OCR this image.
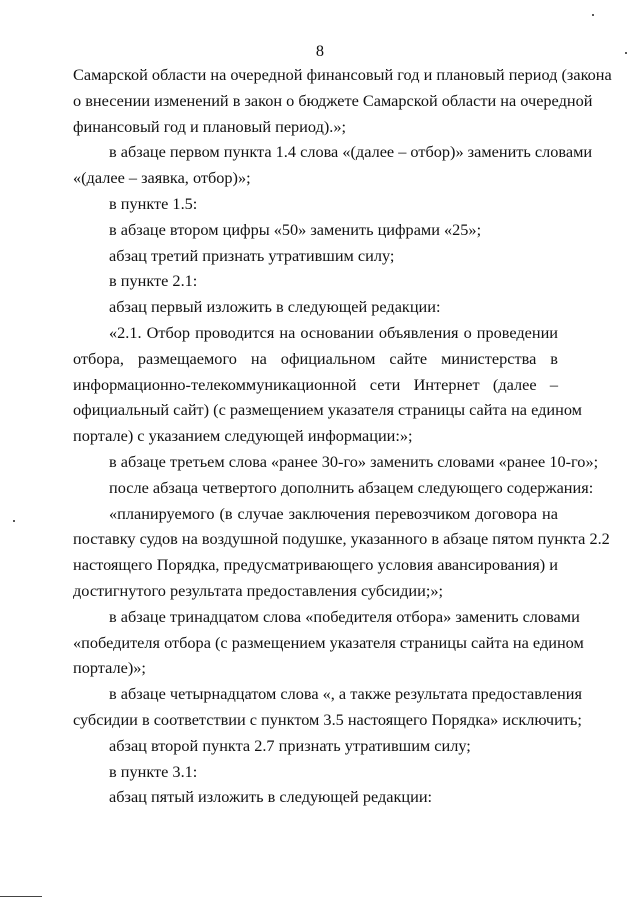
8
Самарской области на очередной финансовый год и плановый период (закона
о внесении изменений в закон о бюджете Самарской области на очередной
финансовый год и плановый период).»;
в абзаце первом пункта 1.4 слова «(далее – отбор)» заменить словами
«(далее – заявка, отбор)»;
в пункте 1.5:
в абзаце втором цифры «50» заменить цифрами «25»;
абзац третий признать утратившим силу;
в пункте 2.1:
абзац первый изложить в следующей редакции:
«2.1. Отбор проводится на основании объявления о проведении
отбора, размещаемого на официальном сайте министерства в
информационно-телекоммуникационной сети Интернет (далее –
официальный сайт) (с размещением указателя страницы сайта на едином
портале) с указанием следующей информации:»;
в абзаце третьем слова «ранее 30-го» заменить словами «ранее 10-го»;
после абзаца четвертого дополнить абзацем следующего содержания:
«планируемого (в случае заключения перевозчиком договора на
поставку судов на воздушной подушке, указанного в абзаце пятом пункта 2.2
настоящего Порядка, предусматривающего условия авансирования) и
достигнутого результата предоставления субсидии;»;
в абзаце тринадцатом слова «победителя отбора» заменить словами
«победителя отбора (с размещением указателя страницы сайта на едином
портале)»;
в абзаце четырнадцатом слова «, а также результата предоставления
субсидии в соответствии с пунктом 3.5 настоящего Порядка» исключить;
абзац второй пункта 2.7 признать утратившим силу;
в пункте 3.1:
абзац пятый изложить в следующей редакции:
